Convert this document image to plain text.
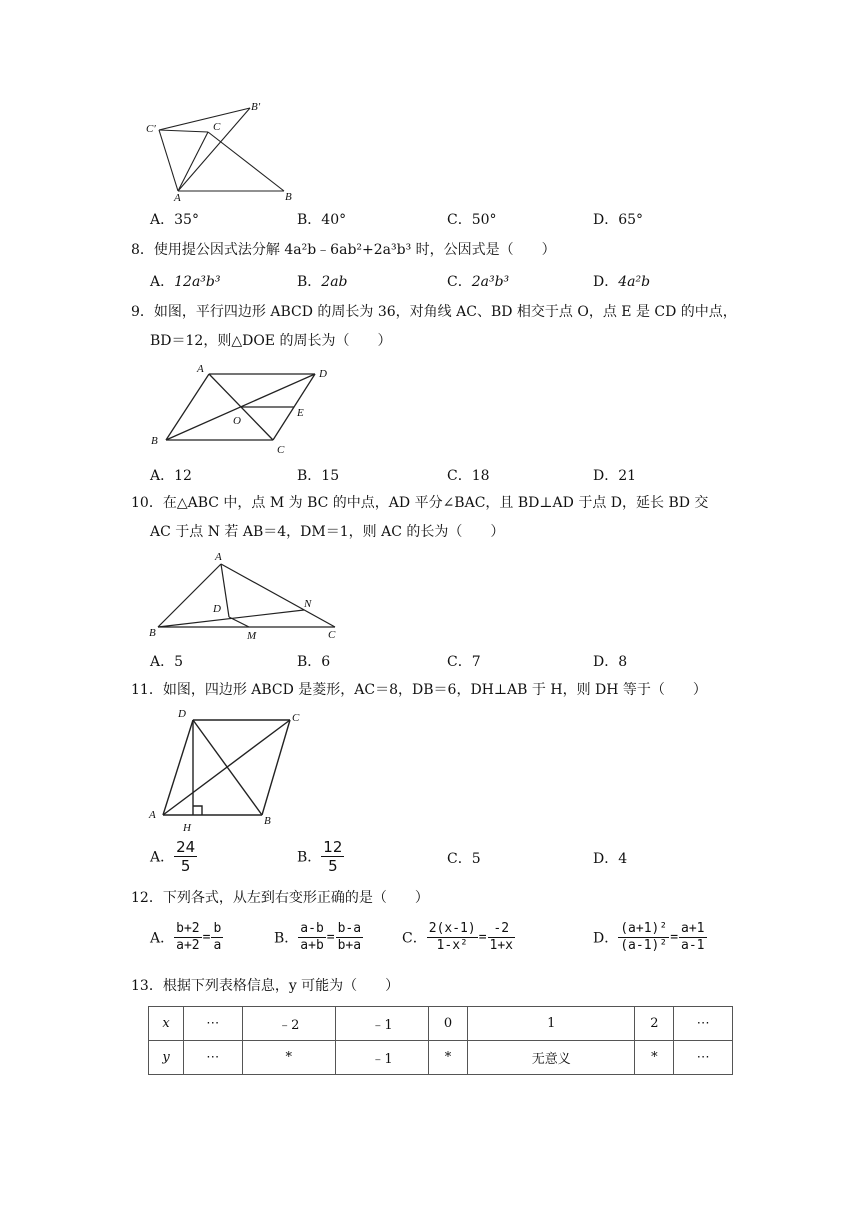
C′
B′
C
A	B
A．35°	B．40°	C．50°	D．65°
8．使用提公因式法分解 4a²b﹣6ab²+2a³b³ 时，公因式是（　　）
A．12a³b³	B．2ab	C．2a³b³	D．4a²b
9．如图，平行四边形 ABCD 的周长为 36，对角线 AC、BD 相交于点 O，点 E 是 CD 的中点，
BD＝12，则△DOE 的周长为（　　）
A	D
O
E
B
C
A．12	B．15	C．18	D．21
10．在△ABC 中，点 M 为 BC 的中点，AD 平分∠BAC，且 BD⊥AD 于点 D，延长 BD 交
AC 于点 N 若 AB＝4，DM＝1，则 AC 的长为（　　）
A
D	N
B	M	C
A．5	B．6	C．7	D．8
11．如图，四边形 ABCD 是菱形，AC＝8，DB＝6，DH⊥AB 于 H，则 DH 等于（　　）
D	C
A
H
B
A． $\frac{24}{5}$	B． $\frac{12}{5}$	C．5	D．4
12．下列各式，从左到右变形正确的是（　　）
A． $\frac{b+2}{a+2} = \frac{b}{a}$	B． $\frac{a-b}{a+b} = \frac{b-a}{b+a}$	C． $\frac{2(x-1)}{\text{1-x²}} = \frac{-2}{1+x}$	D． $\frac{\text{(a+1)²}}{\text{(a-1)²}} = \frac{a+1}{a-1}$
13．根据下列表格信息，y 可能为（　　）
x	⋯	﹣2	﹣1	0	1	2	⋯
y	⋯	*	﹣1	*	无意义	*	⋯
